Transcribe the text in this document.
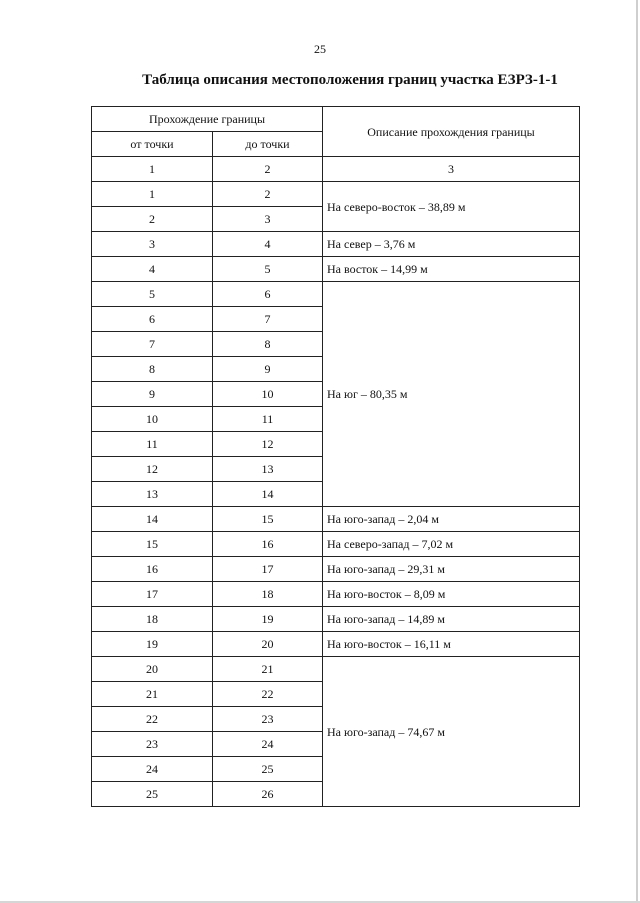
25
Таблица описания местоположения границ участка ЕЗРЗ-1-1
Прохождение границы		Описание прохождения границы
от точки	до точки	
1	2	3
1	2	На северо-восток – 38,89 м
2	3	
3	4	На север – 3,76 м
4	5	На восток – 14,99 м
5	6	На юг – 80,35 м
6	7	
7	8	
8	9	
9	10	
10	11	
11	12	
12	13	
13	14	
14	15	На юго-запад – 2,04 м
15	16	На северо-запад – 7,02 м
16	17	На юго-запад – 29,31 м
17	18	На юго-восток – 8,09 м
18	19	На юго-запад – 14,89 м
19	20	На юго-восток – 16,11 м
20	21	На юго-запад – 74,67 м
21	22	
22	23	
23	24	
24	25	
25	26	
